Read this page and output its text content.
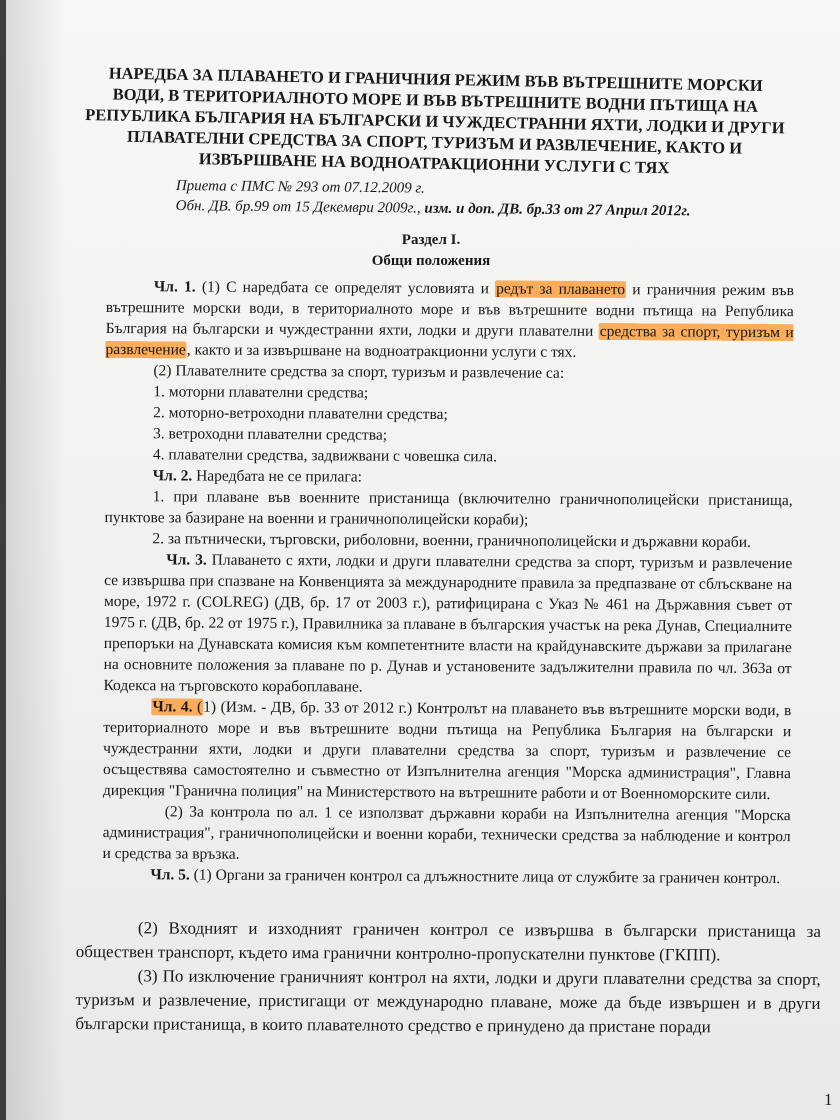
НАРЕДБА ЗА ПЛАВАНЕТО И ГРАНИЧНИЯ РЕЖИМ ВЪВ ВЪТРЕШНИТЕ МОРСКИ ВОДИ, В ТЕРИТОРИАЛНОТО МОРЕ И ВЪВ ВЪТРЕШНИТЕ ВОДНИ ПЪТИЩА НА РЕПУБЛИКА БЪЛГАРИЯ НА БЪЛГАРСКИ И ЧУЖДЕСТРАННИ ЯХТИ, ЛОДКИ И ДРУГИ ПЛАВАТЕЛНИ СРЕДСТВА ЗА СПОРТ, ТУРИЗЪМ И РАЗВЛЕЧЕНИЕ, КАКТО И ИЗВЪРШВАНЕ НА ВОДНОАТРАКЦИОННИ УСЛУГИ С ТЯХ
Приета с ПМС № 293 от 07.12.2009 г.
Обн. ДВ. бр.99 от 15 Декември 2009г., изм. и доп. ДВ. бр.33 от 27 Април 2012г.
Раздел I.
Общи положения

Чл. 1. (1) С наредбата се определят условията и редът за плаването и граничния режим във вътрешните морски води, в териториалното море и във вътрешните водни пътища на Република България на български и чуждестранни яхти, лодки и други плавателни средства за спорт, туризъм и развлечение, както и за извършване на водноатракционни услуги с тях.

(2) Плавателните средства за спорт, туризъм и развлечение са:

1. моторни плавателни средства;

2. моторно-ветроходни плавателни средства;

3. ветроходни плавателни средства;

4. плавателни средства, задвижвани с човешка сила.

Чл. 2. Наредбата не се прилага:

1. при плаване във военните пристанища (включително граничнополицейски пристанища, пунктове за базиране на военни и граничнополицейски кораби);

2. за пътнически, търговски, риболовни, военни, граничнополицейски и държавни кораби.

Чл. 3. Плаването с яхти, лодки и други плавателни средства за спорт, туризъм и развлечение се извършва при спазване на Конвенцията за международните правила за предпазване от сблъскване на море, 1972 г. (COLREG) (ДВ, бр. 17 от 2003 г.), ратифицирана с Указ № 461 на Държавния съвет от 1975 г. (ДВ, бр. 22 от 1975 г.), Правилника за плаване в българския участък на река Дунав, Специалните препоръки на Дунавската комисия към компетентните власти на крайдунавските държави за прилагане на основните положения за плаване по р. Дунав и установените задължителни правила по чл. 363а от Кодекса на търговското корабоплаване.

Чл. 4. (1) (Изм. - ДВ, бр. 33 от 2012 г.) Контролът на плаването във вътрешните морски води, в териториалното море и във вътрешните водни пътища на Република България на български и чуждестранни яхти, лодки и други плавателни средства за спорт, туризъм и развлечение се осъществява самостоятелно и съвместно от Изпълнителна агенция "Морска администрация", Главна дирекция "Гранична полиция" на Министерството на вътрешните работи и от Военноморските сили.

(2) За контрола по ал. 1 се използват държавни кораби на Изпълнителна агенция "Морска администрация", граничнополицейски и военни кораби, технически средства за наблюдение и контрол и средства за връзка.

Чл. 5. (1) Органи за граничен контрол са длъжностните лица от службите за граничен контрол.

(2) Входният и изходният граничен контрол се извършва в български пристанища за обществен транспорт, където има гранични контролно-пропускателни пунктове (ГКПП).

(3) По изключение граничният контрол на яхти, лодки и други плавателни средства за спорт, туризъм и развлечение, пристигащи от международно плаване, може да бъде извършен и в други български пристанища, в които плавателното средство е принудено да пристане поради

1
